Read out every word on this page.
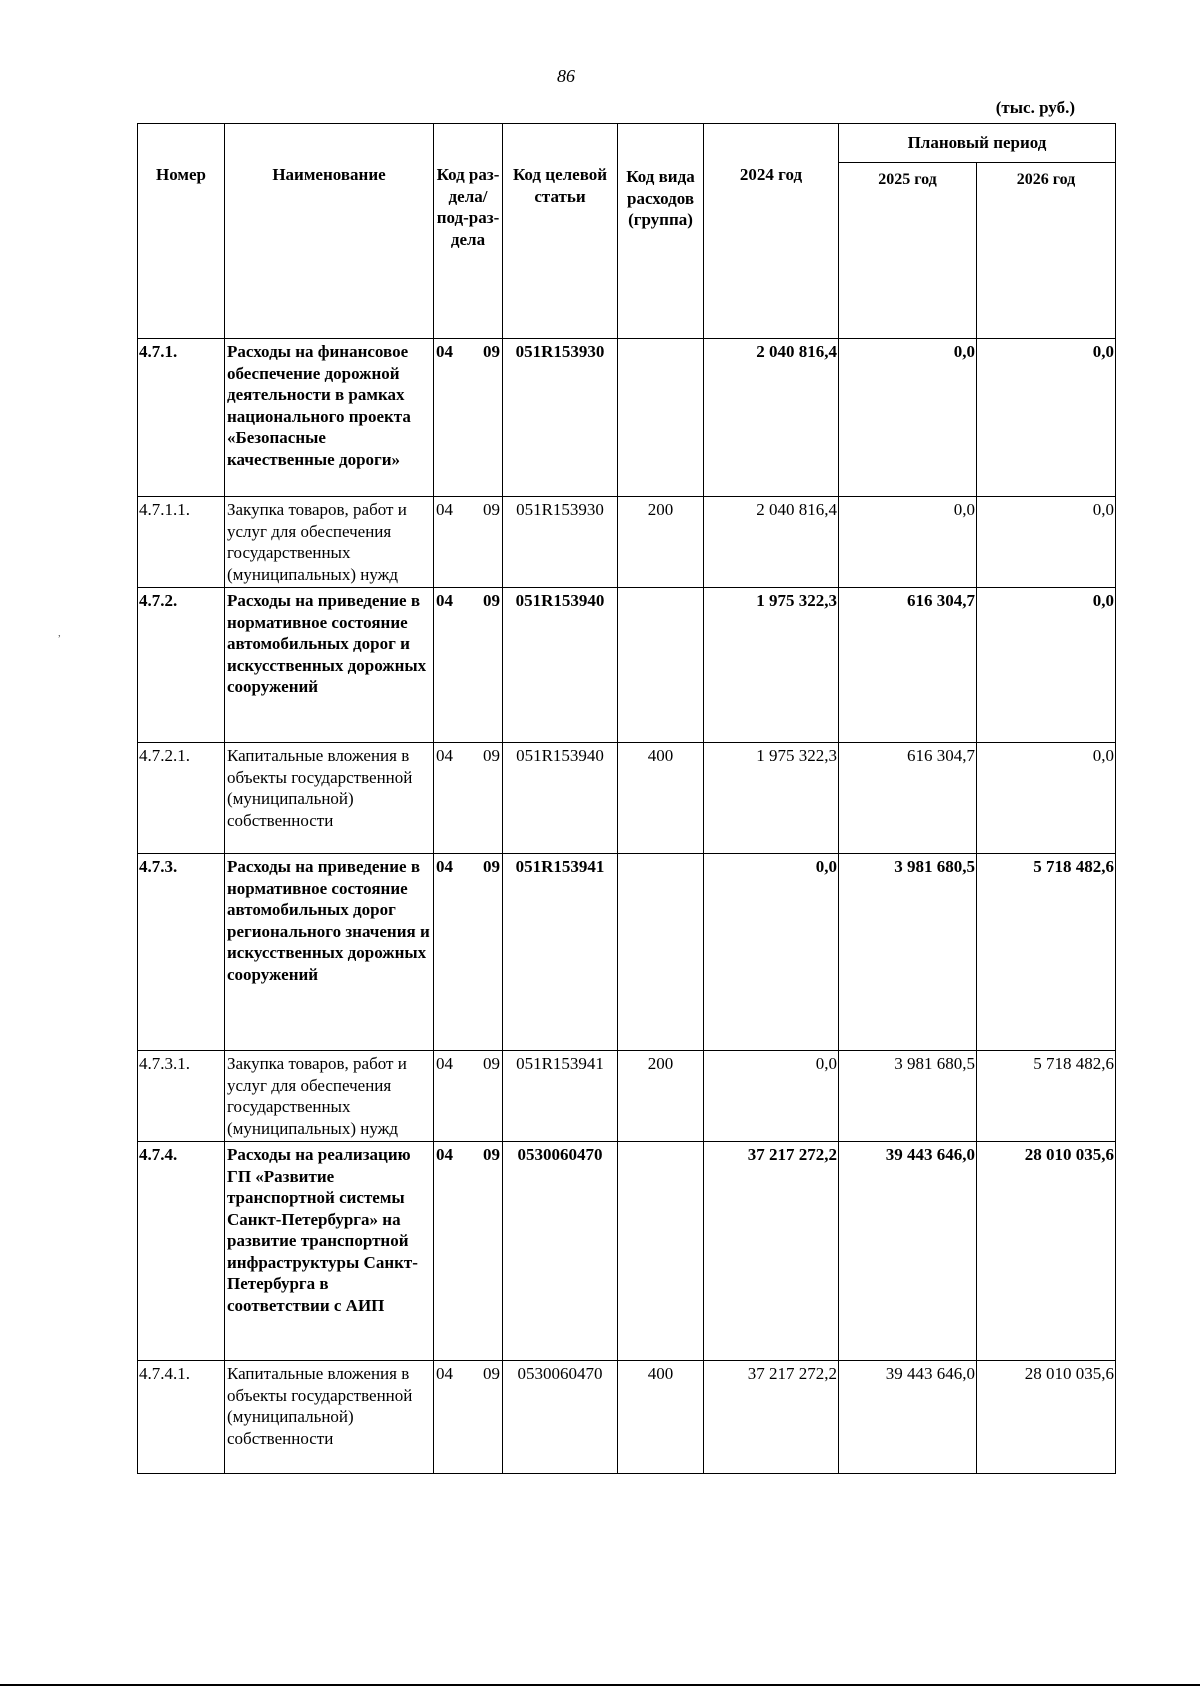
86
(тыс. руб.)
Номер	Наименование	Код раз-дела/ под-раз-дела	Код целевой статьи	Код вида расходов (группа)	2024 год	Плановый период	
						2025 год	2026 год
4.7.1.	Расходы на финансовое обеспечение дорожной деятельности в рамках национального проекта «Безопасные качественные дороги»	04 09	051R153930		2 040 816,4	0,0	0,0
4.7.1.1.	Закупка товаров, работ и услуг для обеспечения государственных (муниципальных) нужд	04 09	051R153930	200	2 040 816,4	0,0	0,0
4.7.2.	Расходы на приведение в нормативное состояние автомобильных дорог и искусственных дорожных сооружений	04 09	051R153940		1 975 322,3	616 304,7	0,0
4.7.2.1.	Капитальные вложения в объекты государственной (муниципальной) собственности	04 09	051R153940	400	1 975 322,3	616 304,7	0,0
4.7.3.	Расходы на приведение в нормативное состояние автомобильных дорог регионального значения и искусственных дорожных сооружений	04 09	051R153941		0,0	3 981 680,5	5 718 482,6
4.7.3.1.	Закупка товаров, работ и услуг для обеспечения государственных (муниципальных) нужд	04 09	051R153941	200	0,0	3 981 680,5	5 718 482,6
4.7.4.	Расходы на реализацию ГП «Развитие транспортной системы Санкт-Петербурга» на развитие транспортной инфраструктуры Санкт-Петербурга в соответствии с АИП	04 09	0530060470		37 217 272,2	39 443 646,0	28 010 035,6
4.7.4.1.	Капитальные вложения в объекты государственной (муниципальной) собственности	04 09	0530060470	400	37 217 272,2	39 443 646,0	28 010 035,6
,
